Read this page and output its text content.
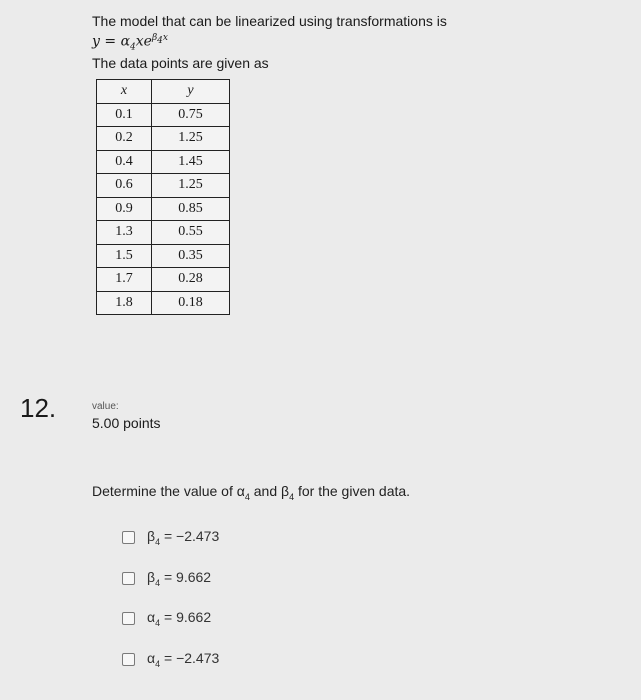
The model that can be linearized using transformations is
$y = \alpha_4xe^{\beta_4x}$
The data points are given as
x	y
0.1	0.75
0.2	1.25
0.4	1.45
0.6	1.25
0.9	0.85
1.3	0.55
1.5	0.35
1.7	0.28
1.8	0.18
12.	value:
5.00 points
Determine the value of $\alpha_4$ and $\beta_4$ for the given data.
$\beta_4 = -2.473$
$\beta_4 = 9.662$
$\alpha_4 = 9.662$
$\alpha_4 = -2.473$
